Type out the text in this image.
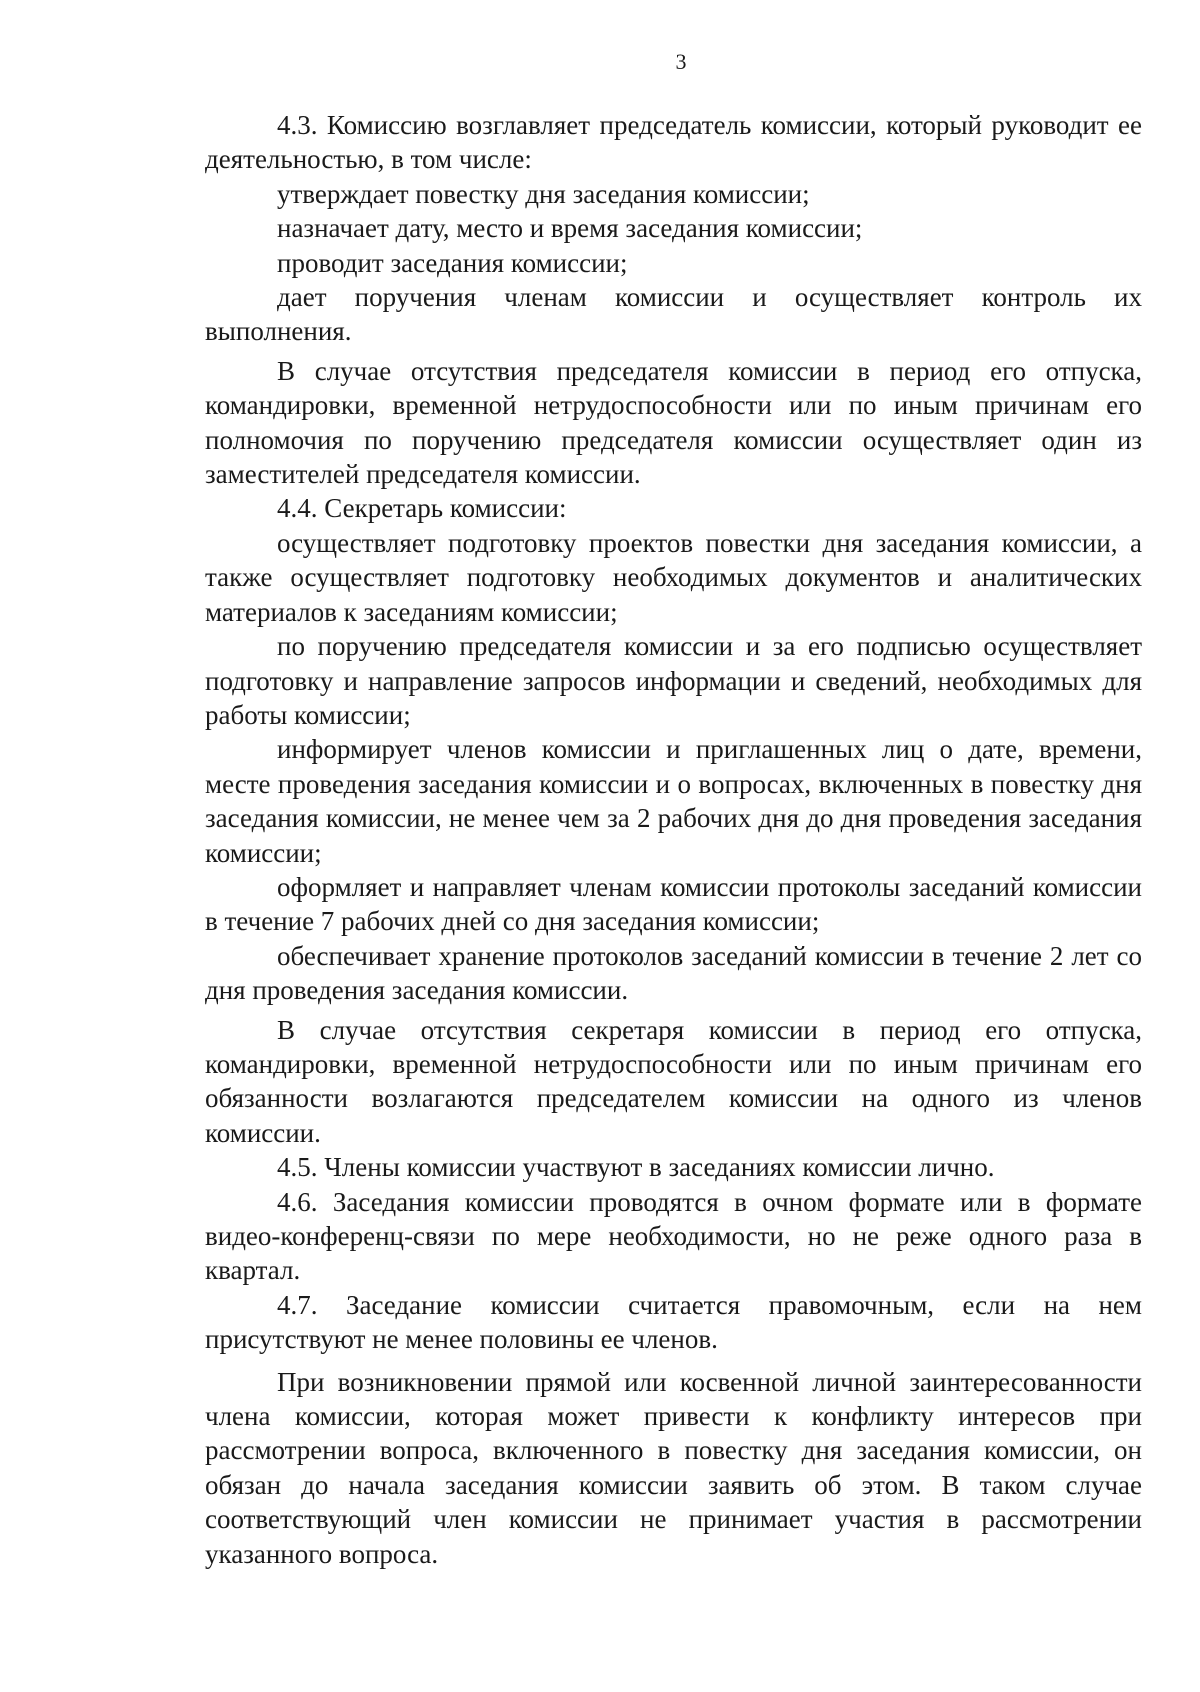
3

4.3. Комиссию возглавляет председатель комиссии, который руководит ее деятельностью, в том числе:

утверждает повестку дня заседания комиссии;

назначает дату, место и время заседания комиссии;

проводит заседания комиссии;

дает поручения членам комиссии и осуществляет контроль их выполнения.

В случае отсутствия председателя комиссии в период его отпуска, командировки, временной нетрудоспособности или по иным причинам его полномочия по поручению председателя комиссии осуществляет один из заместителей председателя комиссии.

4.4. Секретарь комиссии:

осуществляет подготовку проектов повестки дня заседания комиссии, а также осуществляет подготовку необходимых документов и аналитических материалов к заседаниям комиссии;

по поручению председателя комиссии и за его подписью осуществляет подготовку и направление запросов информации и сведений, необходимых для работы комиссии;

информирует членов комиссии и приглашенных лиц о дате, времени, месте проведения заседания комиссии и о вопросах, включенных в повестку дня заседания комиссии, не менее чем за 2 рабочих дня до дня проведения заседания комиссии;

оформляет и направляет членам комиссии протоколы заседаний комиссии в течение 7 рабочих дней со дня заседания комиссии;

обеспечивает хранение протоколов заседаний комиссии в течение 2 лет со дня проведения заседания комиссии.

В случае отсутствия секретаря комиссии в период его отпуска, командировки, временной нетрудоспособности или по иным причинам его обязанности возлагаются председателем комиссии на одного из членов комиссии.

4.5. Члены комиссии участвуют в заседаниях комиссии лично.

4.6. Заседания комиссии проводятся в очном формате или в формате видео-конференц-связи по мере необходимости, но не реже одного раза в квартал.

4.7. Заседание комиссии считается правомочным, если на нем присутствуют не менее половины ее членов.

При возникновении прямой или косвенной личной заинтересованности члена комиссии, которая может привести к конфликту интересов при рассмотрении вопроса, включенного в повестку дня заседания комиссии, он обязан до начала заседания комиссии заявить об этом. В таком случае соответствующий член комиссии не принимает участия в рассмотрении указанного вопроса.
